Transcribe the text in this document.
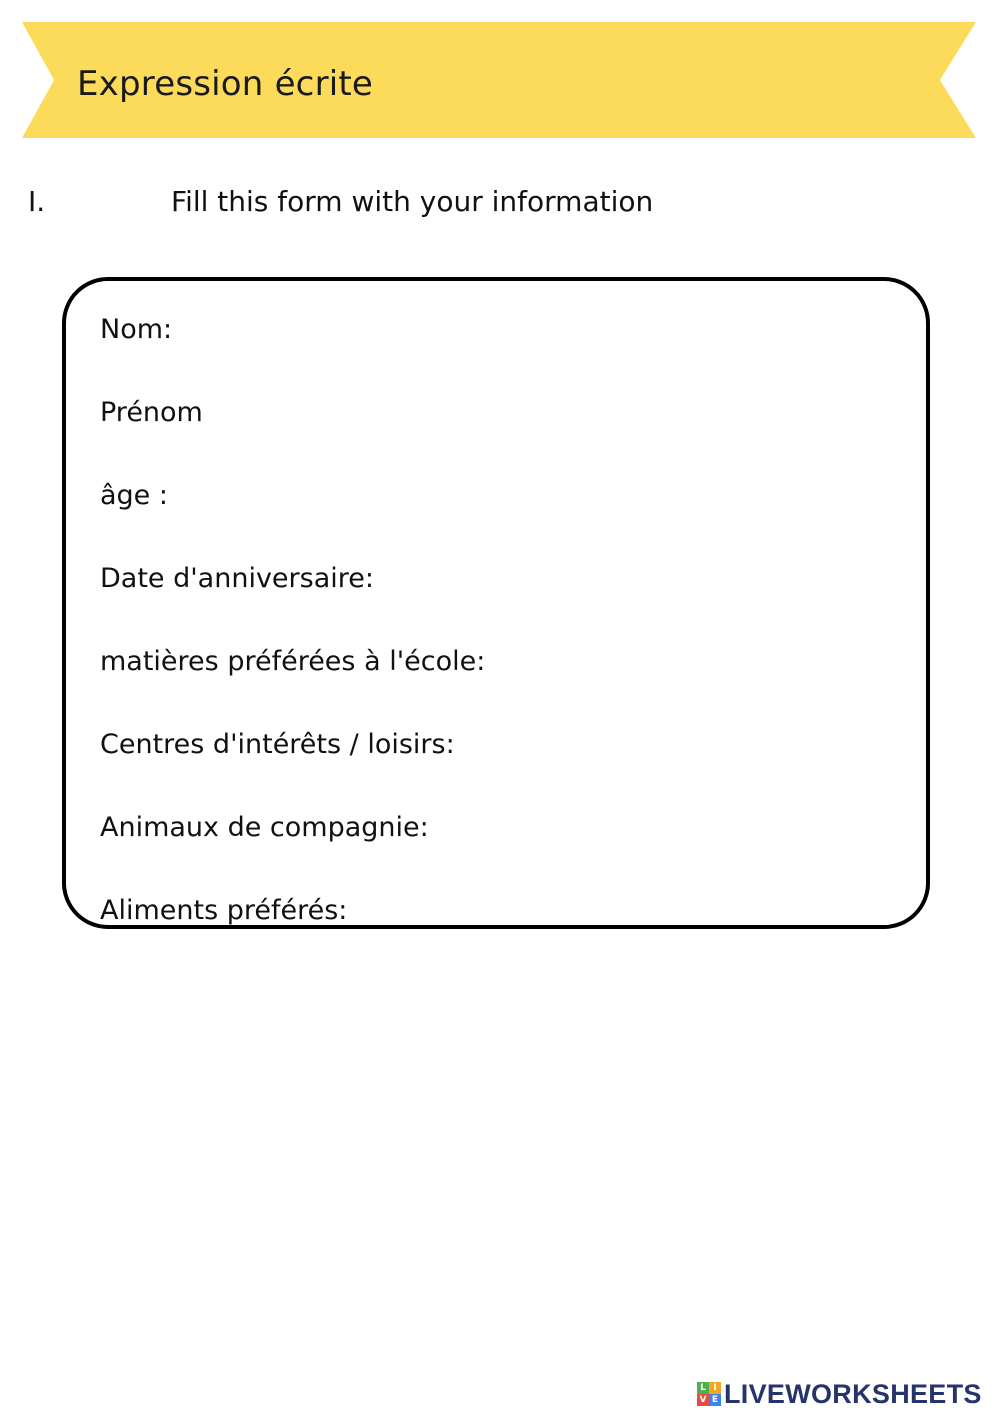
Expression écrite
I.	Fill this form with your information
Nom:
Prénom
âge :
Date d'anniversaire:
matières préférées à l'école:
Centres d'intérêts / loisirs:
Animaux de compagnie:
Aliments préférés:
L I
V E LIVEWORKSHEETS
